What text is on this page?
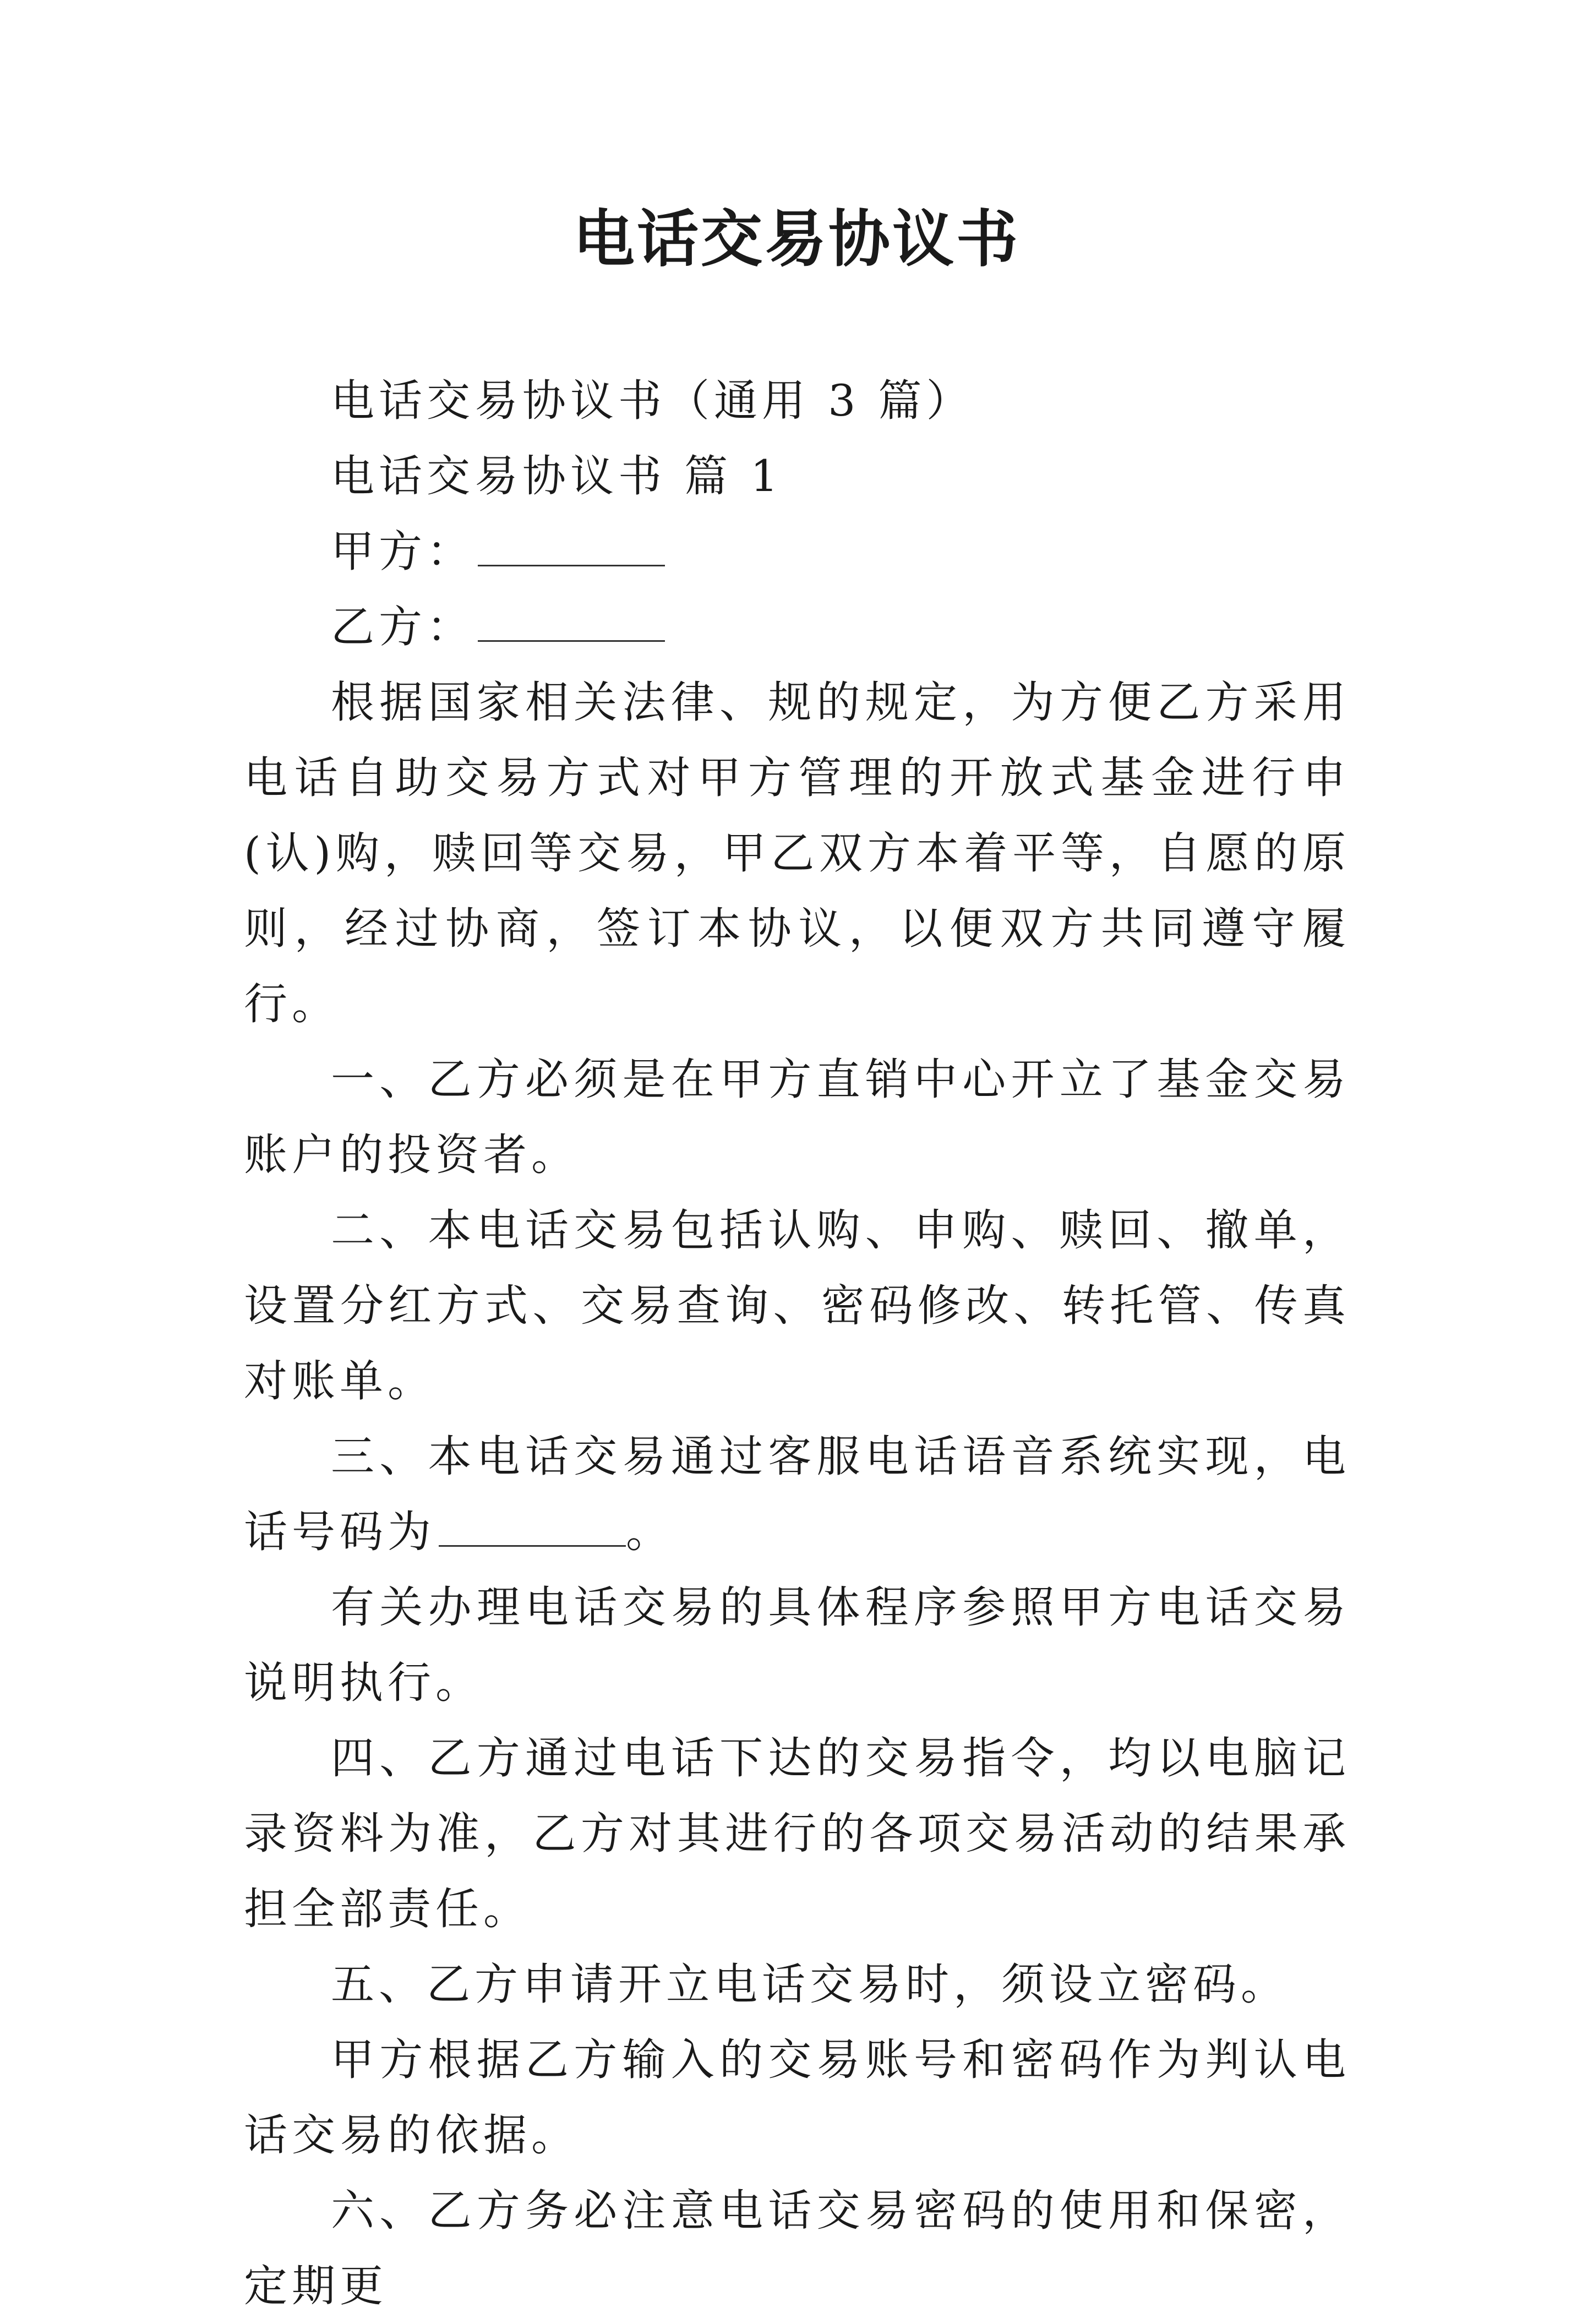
电话交易协议书

电话交易协议书（通用 3 篇）

电话交易协议书 篇 1

甲方：

乙方：

根据国家相关法律、规的规定，为方便乙方采用电话自助交易方式对甲方管理的开放式基金进行申(认)购，赎回等交易，甲乙双方本着平等，自愿的原则，经过协商，签订本协议，以便双方共同遵守履行。

一、乙方必须是在甲方直销中心开立了基金交易账户的投资者。

二、本电话交易包括认购、申购、赎回、撤单，设置分红方式、交易查询、密码修改、转托管、传真对账单。

三、本电话交易通过客服电话语音系统实现，电话号码为	。

有关办理电话交易的具体程序参照甲方电话交易说明执行。

四、乙方通过电话下达的交易指令，均以电脑记录资料为准，乙方对其进行的各项交易活动的结果承担全部责任。

五、乙方申请开立电话交易时，须设立密码。

甲方根据乙方输入的交易账号和密码作为判认电话交易的依据。

六、乙方务必注意电话交易密码的使用和保密，定期更
